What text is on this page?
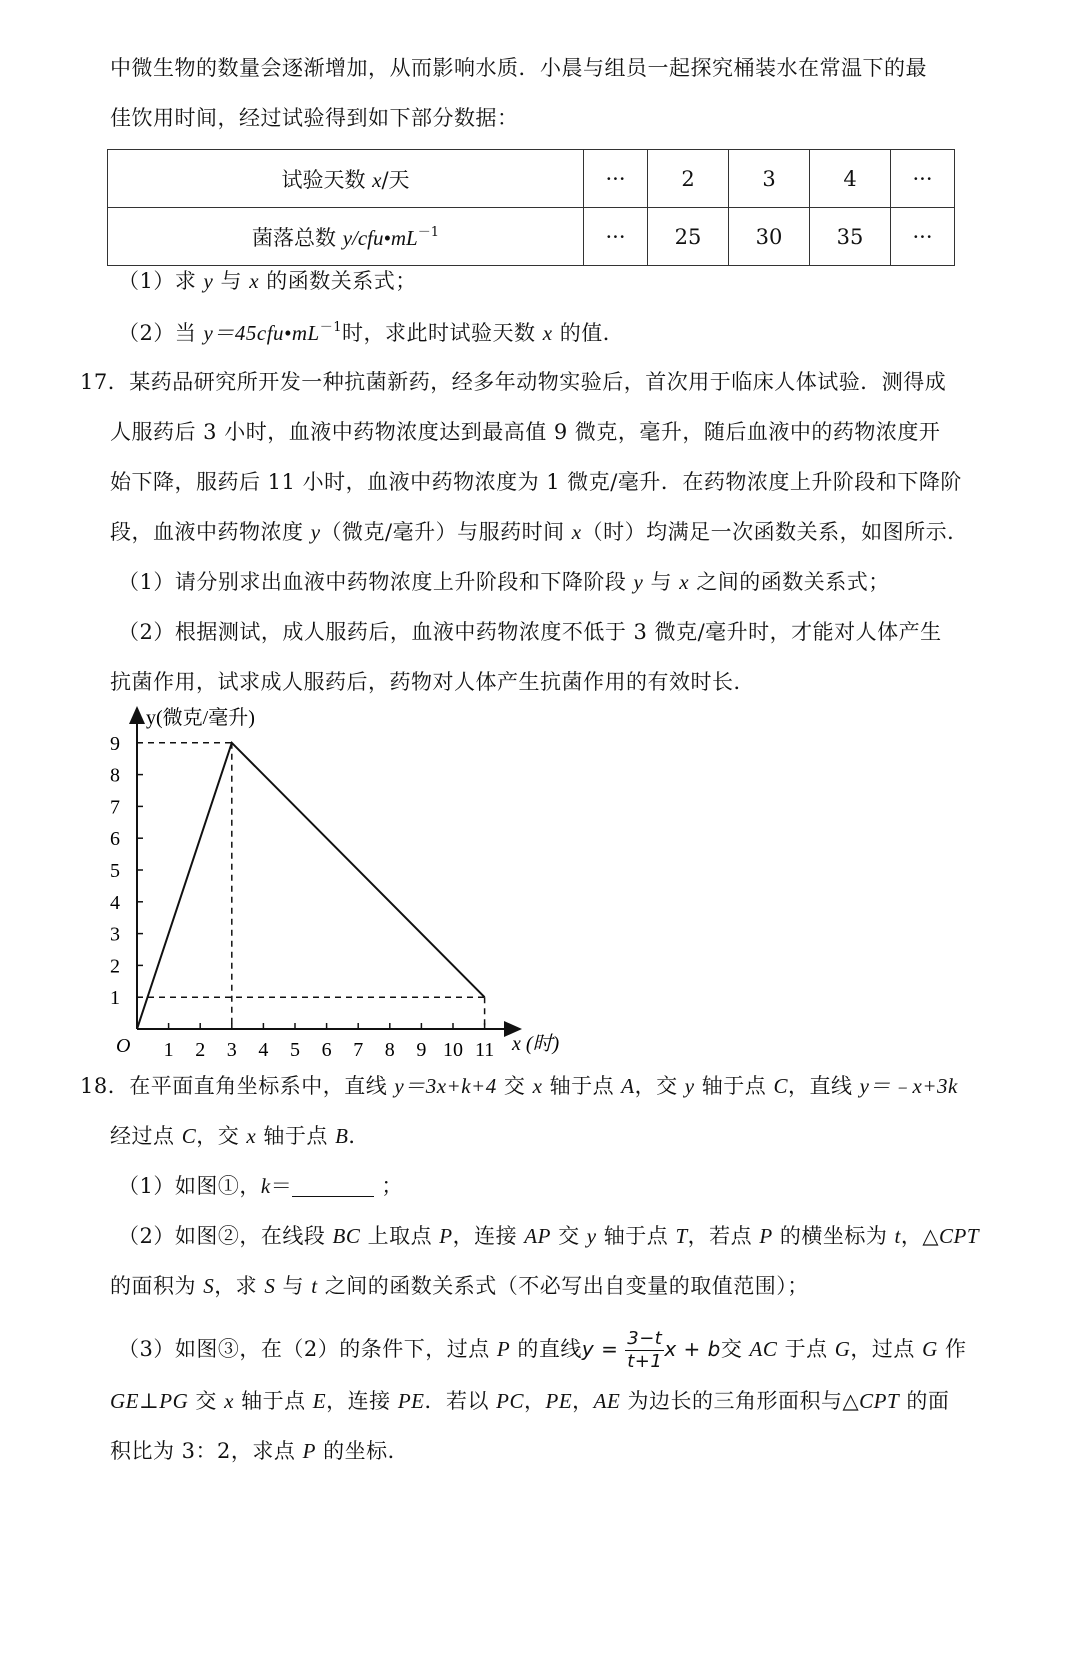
中微生物的数量会逐渐增加，从而影响水质．小晨与组员一起探究桶装水在常温下的最
佳饮用时间，经过试验得到如下部分数据：
试验天数 x/天	···	2	3	4	···
菌落总数 $y/cfu•mL^{-1}$	···	25	30	35	···
（1）求 y 与 x 的函数关系式；
（2）当 $y=45cfu•mL^{-1}$时，求此时试验天数 x 的值．
17．某药品研究所开发一种抗菌新药，经多年动物实验后，首次用于临床人体试验．测得成
人服药后 3 小时，血液中药物浓度达到最高值 9 微克，毫升，随后血液中的药物浓度开
始下降，服药后 11 小时，血液中药物浓度为 1 微克/毫升．在药物浓度上升阶段和下降阶
段，血液中药物浓度 y（微克/毫升）与服药时间 x（时）均满足一次函数关系，如图所示．
（1）请分别求出血液中药物浓度上升阶段和下降阶段 y 与 x 之间的函数关系式；
（2）根据测试，成人服药后，血液中药物浓度不低于 3 微克/毫升时，才能对人体产生
抗菌作用，试求成人服药后，药物对人体产生抗菌作用的有效时长．
y(微克/毫升)
x (时)
O 1 2 3 4 5 6 7 8 9 10 11
1
2
3
4
5
6
7
8
9
18．在平面直角坐标系中，直线 y＝3x+k+4 交 x 轴于点 A，交 y 轴于点 C，直线 y＝﹣x+3k
经过点 C，交 x 轴于点 B．
（1）如图①，k＝	；
（2）如图②，在线段 BC 上取点 P，连接 AP 交 y 轴于点 T，若点 P 的横坐标为 t，△CPT
的面积为 S，求 S 与 t 之间的函数关系式（不必写出自变量的取值范围）；
（3）如图③，在（2）的条件下，过点 P 的直线$y = \frac{3-t}{t+1}$ x + b交 AC 于点 G，过点 G 作
GE⊥PG 交 x 轴于点 E，连接 PE．若以 PC，PE，AE 为边长的三角形面积与△CPT 的面
积比为 3：2，求点 P 的坐标．
